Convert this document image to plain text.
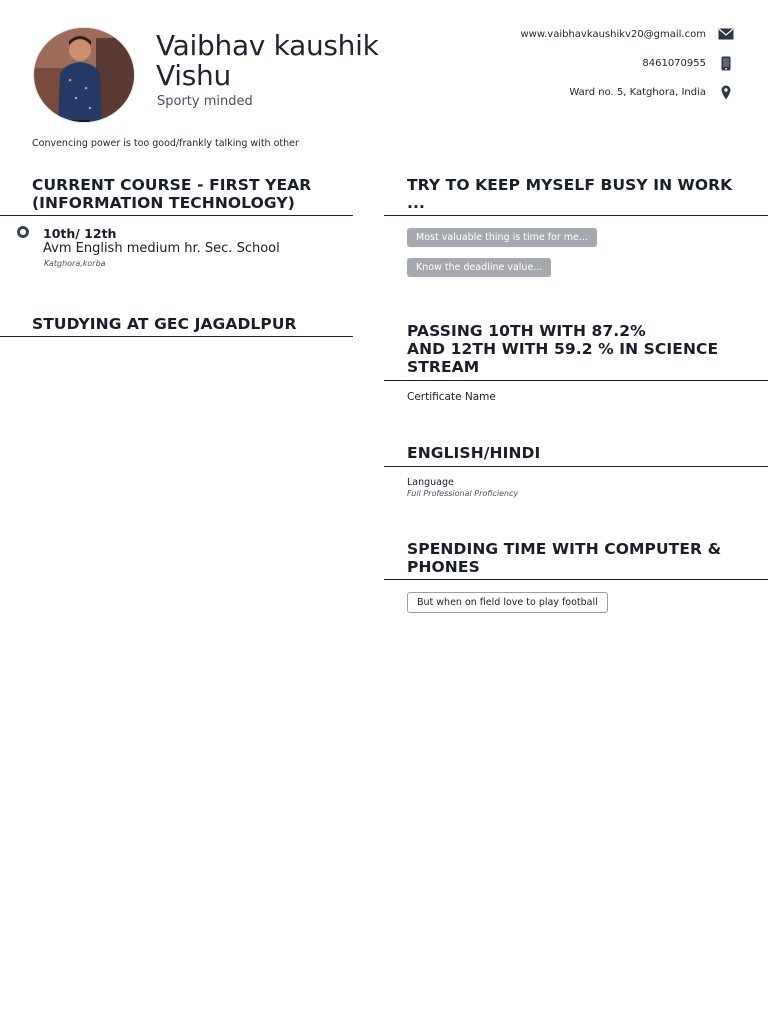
Vaibhav kaushik
Vishu
Sporty minded
www.vaibhavkaushikv20@gmail.com
8461070955
Ward no. 5, Katghora, India
Convencing power is too good/frankly talking with other
CURRENT COURSE - FIRST YEAR
(INFORMATION TECHNOLOGY)
10th/ 12th
Avm English medium hr. Sec. School
Katghora,korba
STUDYING AT GEC JAGADLPUR
TRY TO KEEP MYSELF BUSY IN WORK
...
Most valuable thing is time for me...
Know the deadline value...
PASSING 10TH WITH 87.2%
AND 12TH WITH 59.2 % IN SCIENCE
STREAM
Certificate Name
ENGLISH/HINDI
Language
Full Professional Proficiency
SPENDING TIME WITH COMPUTER &
PHONES
But when on field love to play football
